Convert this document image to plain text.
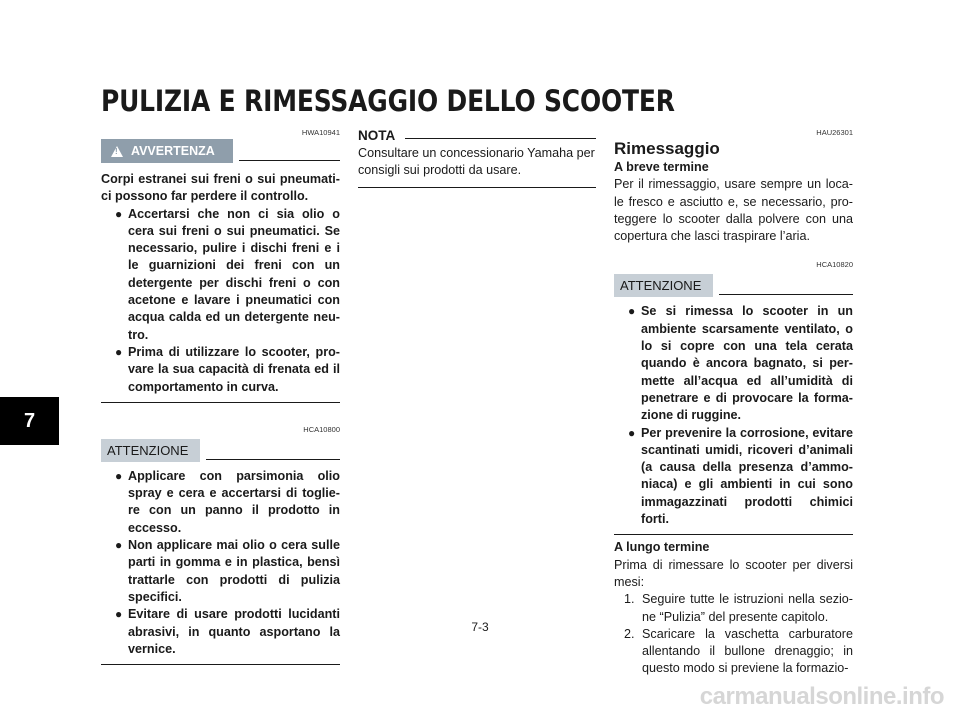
PULIZIA E RIMESSAGGIO DELLO SCOOTER
7
HWA10941
!
AVVERTENZA

Corpi estranei sui freni o sui pneumati-ci possono far perdere il controllo.

● Accertarsi che non ci sia olio o cera sui freni o sui pneumatici. Se necessario, pulire i dischi freni e i le guarnizioni dei freni con un detergente per dischi freni o con acetone e lavare i pneumatici con acqua calda ed un detergente neu-tro.
● Prima di utilizzare lo scooter, pro-vare la sua capacità di frenata ed il comportamento in curva.
HCA10800
ATTENZIONE
● Applicare con parsimonia olio spray e cera e accertarsi di toglie-re con un panno il prodotto in eccesso.
● Non applicare mai olio o cera sulle parti in gomma e in plastica, bensì trattarle con prodotti di pulizia specifici.
● Evitare di usare prodotti lucidanti abrasivi, in quanto asportano la vernice.
NOTA

Consultare un concessionario Yamaha per consigli sui prodotti da usare.

HAU26301
Rimessaggio
A breve termine

Per il rimessaggio, usare sempre un loca-le fresco e asciutto e, se necessario, pro-teggere lo scooter dalla polvere con una copertura che lasci traspirare l’aria.

HCA10820
ATTENZIONE
● Se si rimessa lo scooter in un ambiente scarsamente ventilato, o lo si copre con una tela cerata quando è ancora bagnato, si per-mette all’acqua ed all’umidità di penetrare e di provocare la forma-zione di ruggine.
● Per prevenire la corrosione, evitare scantinati umidi, ricoveri d’animali (a causa della presenza d’ammo-niaca) e gli ambienti in cui sono immagazzinati prodotti chimici forti.
A lungo termine

Prima di rimessare lo scooter per diversi mesi:

1. Seguire tutte le istruzioni nella sezio-ne “Pulizia” del presente capitolo.
2. Scaricare la vaschetta carburatore allentando il bullone drenaggio; in questo modo si previene la formazio-
7-3
carmanualsonline.info
